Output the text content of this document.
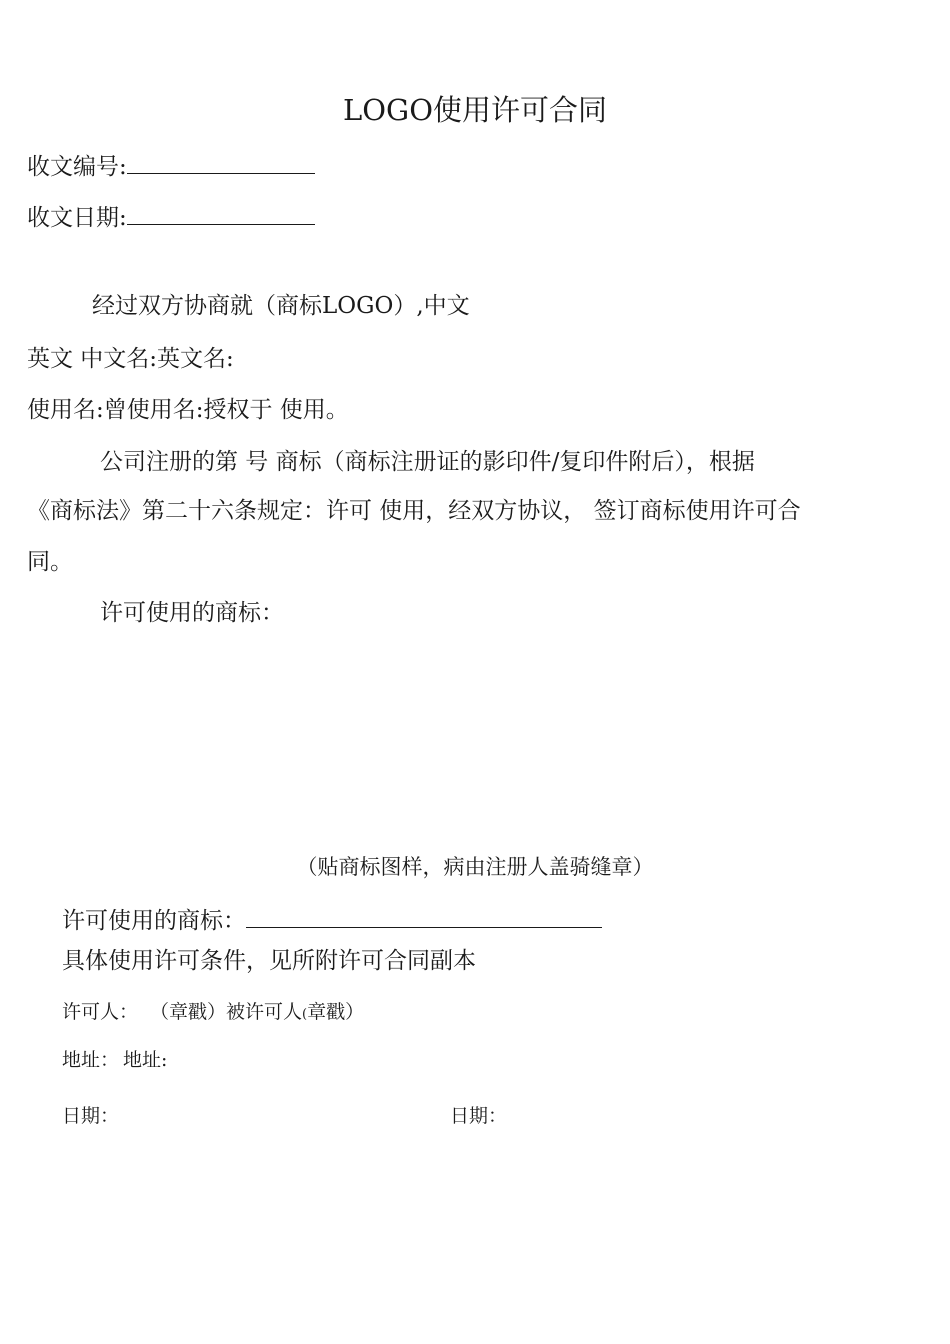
LOGO使用许可合同
收文编号:
收文日期:
经过双方协商就（商标LOGO）,中文
英文 中文名:英文名:
使用名:曾使用名:授权于 使用。
公司注册的第 号 商标（商标注册证的影印件/复印件附后），根据
《商标法》第二十六条规定：许可 使用，经双方协议， 签订商标使用许可合
同。
许可使用的商标：
（贴商标图样，病由注册人盖骑缝章）
许可使用的商标：
具体使用许可条件，见所附许可合同副本
许可人： （章戳）被许可人(章戳）
地址： 地址:
日期：	日期：
